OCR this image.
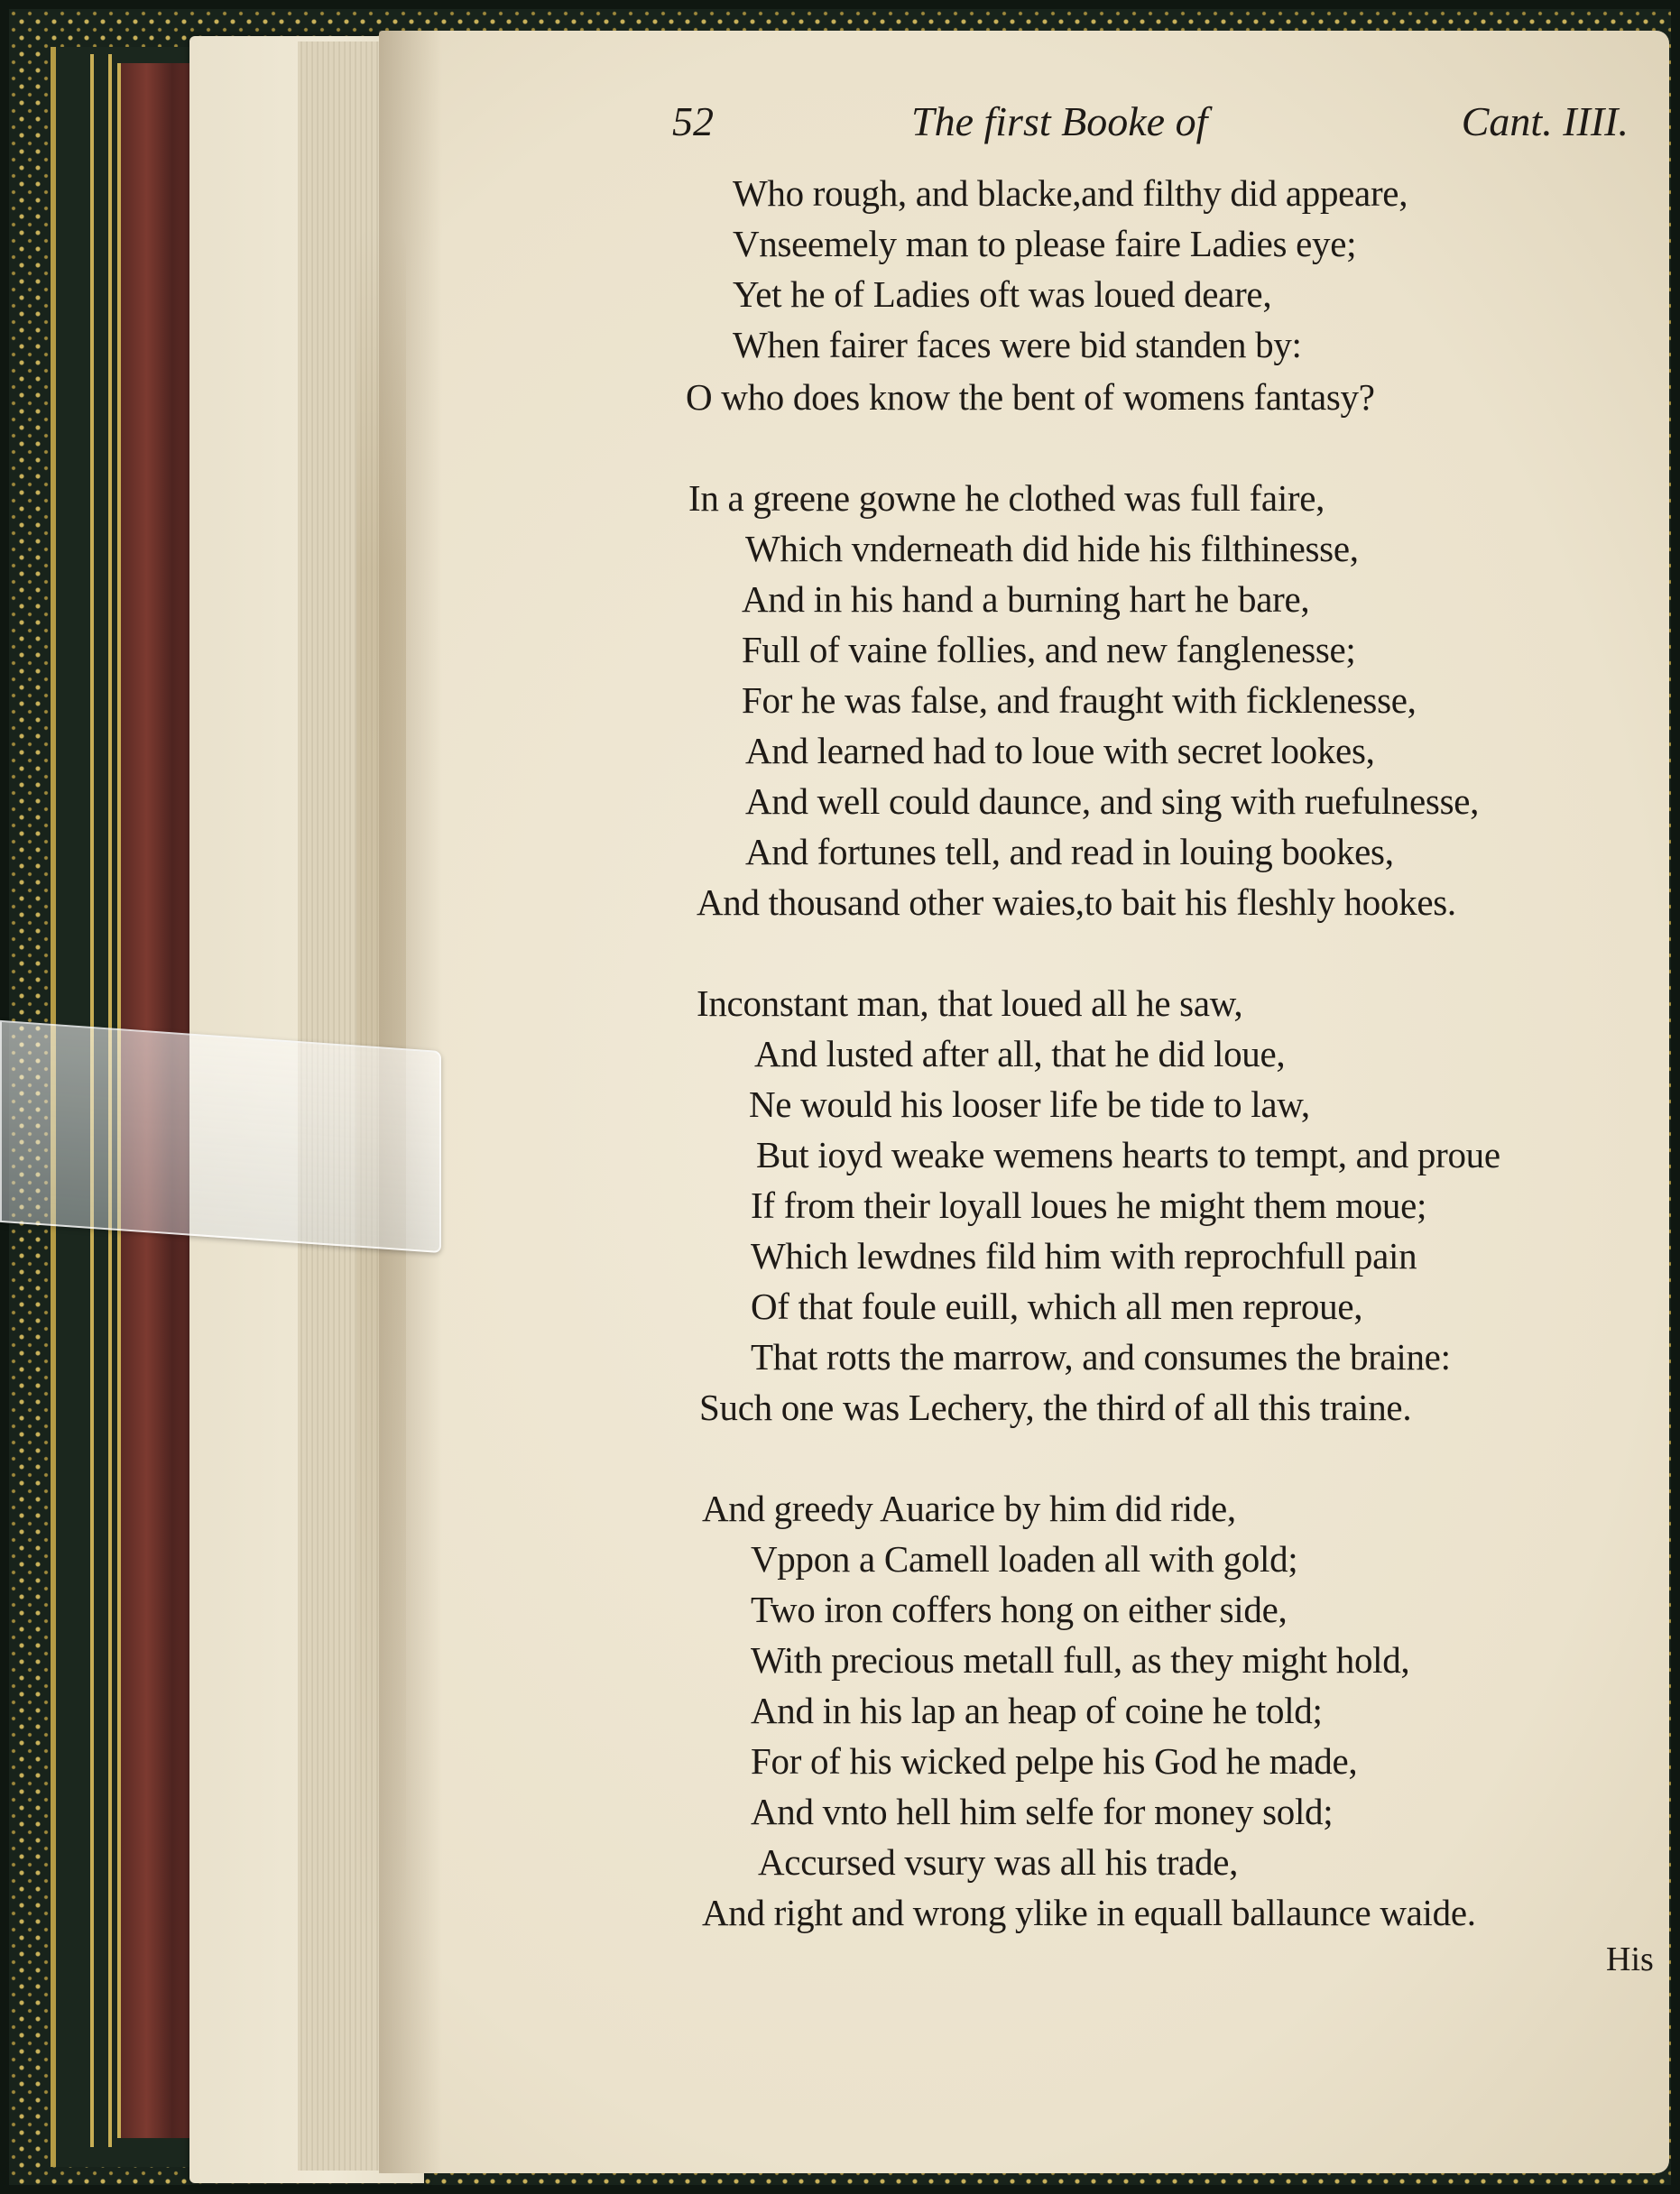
52	The first Booke of	Cant. IIII.
Who rough, and blacke,and filthy did appeare,
Vnseemely man to please faire Ladies eye;
Yet he of Ladies oft was loued deare,
When fairer faces were bid standen by:
O who does know the bent of womens fantasy?
In a greene gowne he clothed was full faire,
Which vnderneath did hide his filthinesse,
And in his hand a burning hart he bare,
Full of vaine follies, and new fanglenesse;
For he was false, and fraught with ficklenesse,
And learned had to loue with secret lookes,
And well could daunce, and sing with ruefulnesse,
And fortunes tell, and read in louing bookes,
And thousand other waies,to bait his fleshly hookes.
Inconstant man, that loued all he saw,
And lusted after all, that he did loue,
Ne would his looser life be tide to law,
But ioyd weake wemens hearts to tempt, and proue
If from their loyall loues he might them moue;
Which lewdnes fild him with reprochfull pain
Of that foule euill, which all men reproue,
That rotts the marrow, and consumes the braine:
Such one was Lechery, the third of all this traine.
And greedy Auarice by him did ride,
Vppon a Camell loaden all with gold;
Two iron coffers hong on either side,
With precious metall full, as they might hold,
And in his lap an heap of coine he told;
For of his wicked pelpe his God he made,
And vnto hell him selfe for money sold;
Accursed vsury was all his trade,
And right and wrong ylike in equall ballaunce waide.
His
